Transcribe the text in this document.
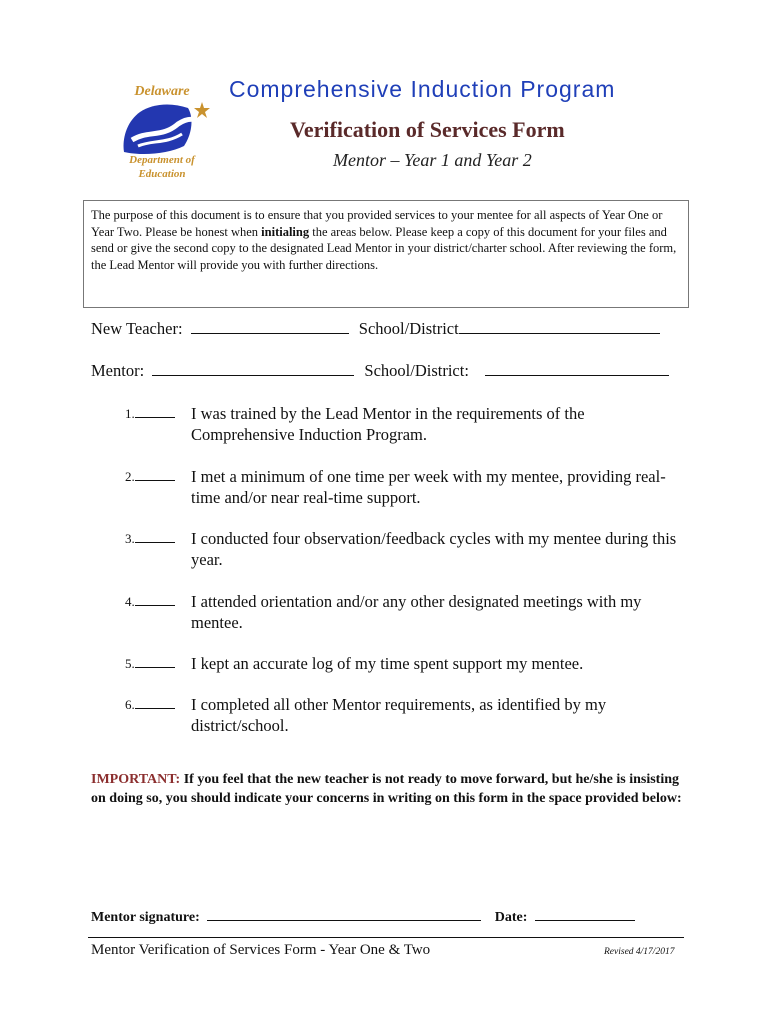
Delaware
Department of
Education
Comprehensive Induction Program
Verification of Services Form
Mentor – Year 1 and Year 2
The purpose of this document is to ensure that you provided services to your mentee for all aspects of Year One or Year Two. Please be honest when initialing the areas below. Please keep a copy of this document for your files and send or give the second copy to the designated Lead Mentor in your district/charter school. After reviewing the form, the Lead Mentor will provide you with further directions.
New Teacher:	School/District
Mentor:	School/District:
1.	I was trained by the Lead Mentor in the requirements of the Comprehensive Induction Program.
2.	I met a minimum of one time per week with my mentee, providing real-time and/or near real-time support.
3.	I conducted four observation/feedback cycles with my mentee during this year.
4.	I attended orientation and/or any other designated meetings with my mentee.
5.	I kept an accurate log of my time spent support my mentee.
6.	I completed all other Mentor requirements, as identified by my district/school.
IMPORTANT: If you feel that the new teacher is not ready to move forward, but he/she is insisting on doing so, you should indicate your concerns in writing on this form in the space provided below:
Mentor signature:	Date:
Mentor Verification of Services Form - Year One & Two	Revised 4/17/2017
